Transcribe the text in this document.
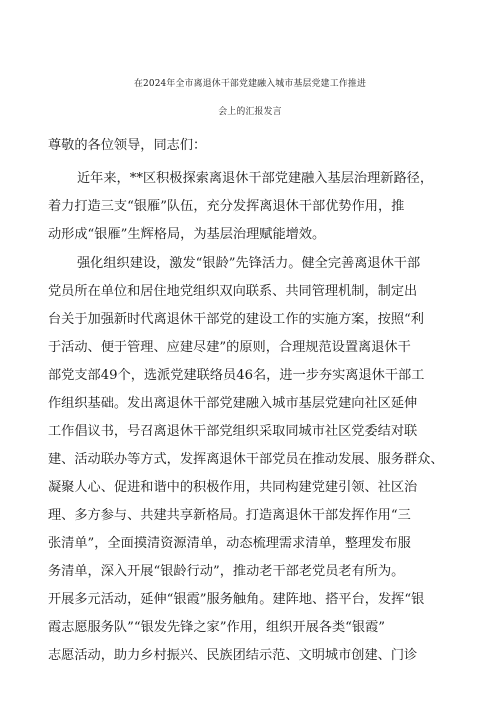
在2024年全市离退休干部党建融入城市基层党建工作推进
会上的汇报发言
尊敬的各位领导，同志们：
近年来，**区积极探索离退休干部党建融入基层治理新路径，
着力打造三支“银雁”队伍，充分发挥离退休干部优势作用，推
动形成“银雁”生辉格局，为基层治理赋能增效。
强化组织建设，激发“银龄”先锋活力。健全完善离退休干部
党员所在单位和居住地党组织双向联系、共同管理机制，制定出
台关于加强新时代离退休干部党的建设工作的实施方案，按照“利
于活动、便于管理、应建尽建”的原则，合理规范设置离退休干
部党支部49个，选派党建联络员46名，进一步夯实离退休干部工
作组织基础。发出离退休干部党建融入城市基层党建向社区延伸
工作倡议书，号召离退休干部党组织采取同城市社区党委结对联
建、活动联办等方式，发挥离退休干部党员在推动发展、服务群众、
凝聚人心、促进和谐中的积极作用，共同构建党建引领、社区治
理、多方参与、共建共享新格局。打造离退休干部发挥作用“三
张清单”，全面摸清资源清单，动态梳理需求清单，整理发布服
务清单，深入开展“银龄行动”，推动老干部老党员老有所为。
开展多元活动，延伸“银霞”服务触角。建阵地、搭平台，发挥“银
霞志愿服务队”“银发先锋之家”作用，组织开展各类“银霞”
志愿活动，助力乡村振兴、民族团结示范、文明城市创建、门诊
